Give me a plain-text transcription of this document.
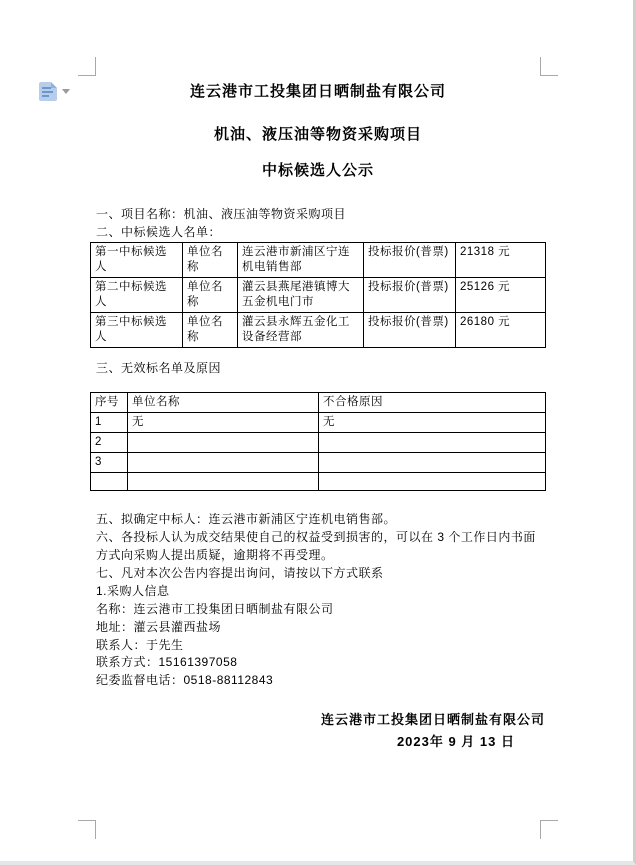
连云港市工投集团日晒制盐有限公司
机油、液压油等物资采购项目
中标候选人公示
一、项目名称：机油、液压油等物资采购项目
二、中标候选人名单：
第一中标候选人	单位名称	连云港市新浦区宁连机电销售部	投标报价(普票)	21318 元
第二中标候选人	单位名称	灌云县燕尾港镇博大五金机电门市	投标报价(普票)	25126 元
第三中标候选人	单位名称	灌云县永辉五金化工设备经营部	投标报价(普票)	26180 元
三、无效标名单及原因
序号	单位名称	不合格原因
1	无	无
2		
3		

五、拟确定中标人：连云港市新浦区宁连机电销售部。
六、各投标人认为成交结果使自己的权益受到损害的，可以在 3 个工作日内书面方式向采购人提出质疑，逾期将不再受理。
七、凡对本次公告内容提出询问，请按以下方式联系
1.采购人信息
名称：连云港市工投集团日晒制盐有限公司
地址：灌云县灌西盐场
联系人：于先生
联系方式：15161397058
纪委监督电话：0518-88112843
连云港市工投集团日晒制盐有限公司
2023年 9 月 13 日
